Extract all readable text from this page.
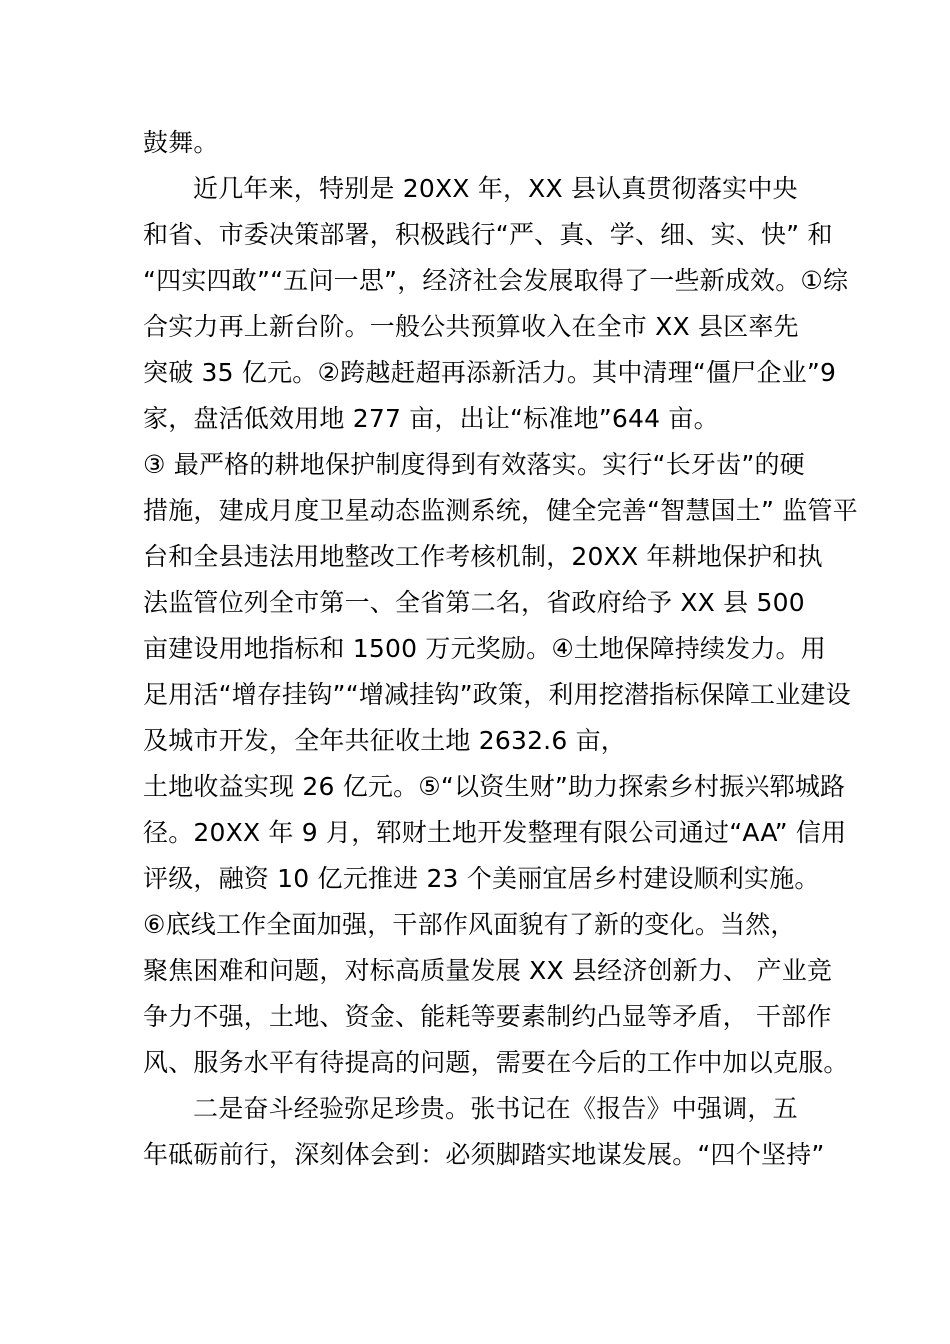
鼓舞。
近几年来，特别是 20XX 年，XX 县认真贯彻落实中央
和省、市委决策部署，积极践行“严、真、学、细、实、快” 和
“四实四敢”“五问一思”，经济社会发展取得了一些新成效。①综
合实力再上新台阶。一般公共预算收入在全市 XX 县区率先
突破 35 亿元。②跨越赶超再添新活力。其中清理“僵尸企业”9
家，盘活低效用地 277 亩，出让“标准地”644 亩。
③ 最严格的耕地保护制度得到有效落实。实行“长牙齿”的硬
措施，建成月度卫星动态监测系统，健全完善“智慧国土” 监管平
台和全县违法用地整改工作考核机制，20XX 年耕地保护和执
法监管位列全市第一、全省第二名，省政府给予 XX 县 500
亩建设用地指标和 1500 万元奖励。④土地保障持续发力。用
足用活“增存挂钩”“增减挂钩”政策，利用挖潜指标保障工业建设
及城市开发，全年共征收土地 2632.6 亩，
土地收益实现 26 亿元。⑤“以资生财”助力探索乡村振兴郓城路
径。20XX 年 9 月，郓财土地开发整理有限公司通过“AA” 信用
评级，融资 10 亿元推进 23 个美丽宜居乡村建设顺利实施。
⑥底线工作全面加强，干部作风面貌有了新的变化。当然，
聚焦困难和问题，对标高质量发展 XX 县经济创新力、 产业竞
争力不强，土地、资金、能耗等要素制约凸显等矛盾， 干部作
风、服务水平有待提高的问题，需要在今后的工作中加以克服。
二是奋斗经验弥足珍贵。张书记在《报告》中强调，五
年砥砺前行，深刻体会到：必须脚踏实地谋发展。“四个坚持”
